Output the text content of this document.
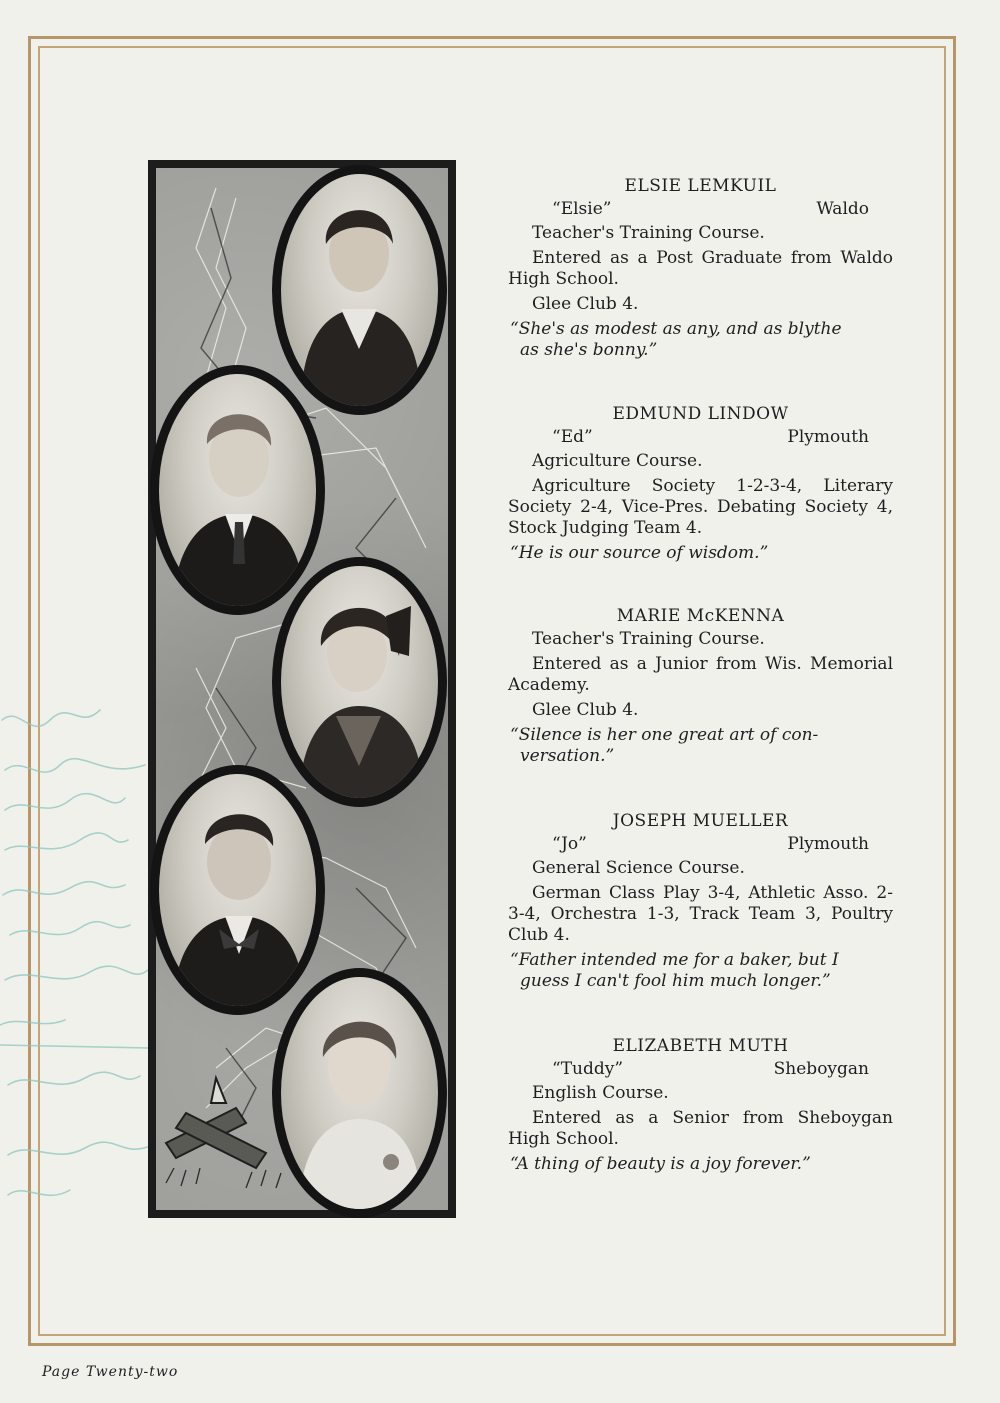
ELSIE LEMKUIL

“Elsie”	Waldo

Teacher's Training Course.

Entered as a Post Graduate from Waldo High School.

Glee Club 4.

“She's as modest as any, and as blythe
as she's bonny.”

EDMUND LINDOW

“Ed”	Plymouth

Agriculture Course.

Agriculture Society 1-2-3-4, Literary Society 2-4, Vice-Pres. Debating Society 4, Stock Judging Team 4.

“He is our source of wisdom.”

MARIE McKENNA

Teacher's Training Course.

Entered as a Junior from Wis. Memorial Academy.

Glee Club 4.

“Silence is her one great art of con-
versation.”

JOSEPH MUELLER

“Jo”	Plymouth

General Science Course.

German Class Play 3-4, Athletic Asso. 2-3-4, Orchestra 1-3, Track Team 3, Poultry Club 4.

“Father intended me for a baker, but I
guess I can't fool him much longer.”

ELIZABETH MUTH

“Tuddy”	Sheboygan

English Course.

Entered as a Senior from Sheboygan High School.

“A thing of beauty is a joy forever.”
Page Twenty-two
